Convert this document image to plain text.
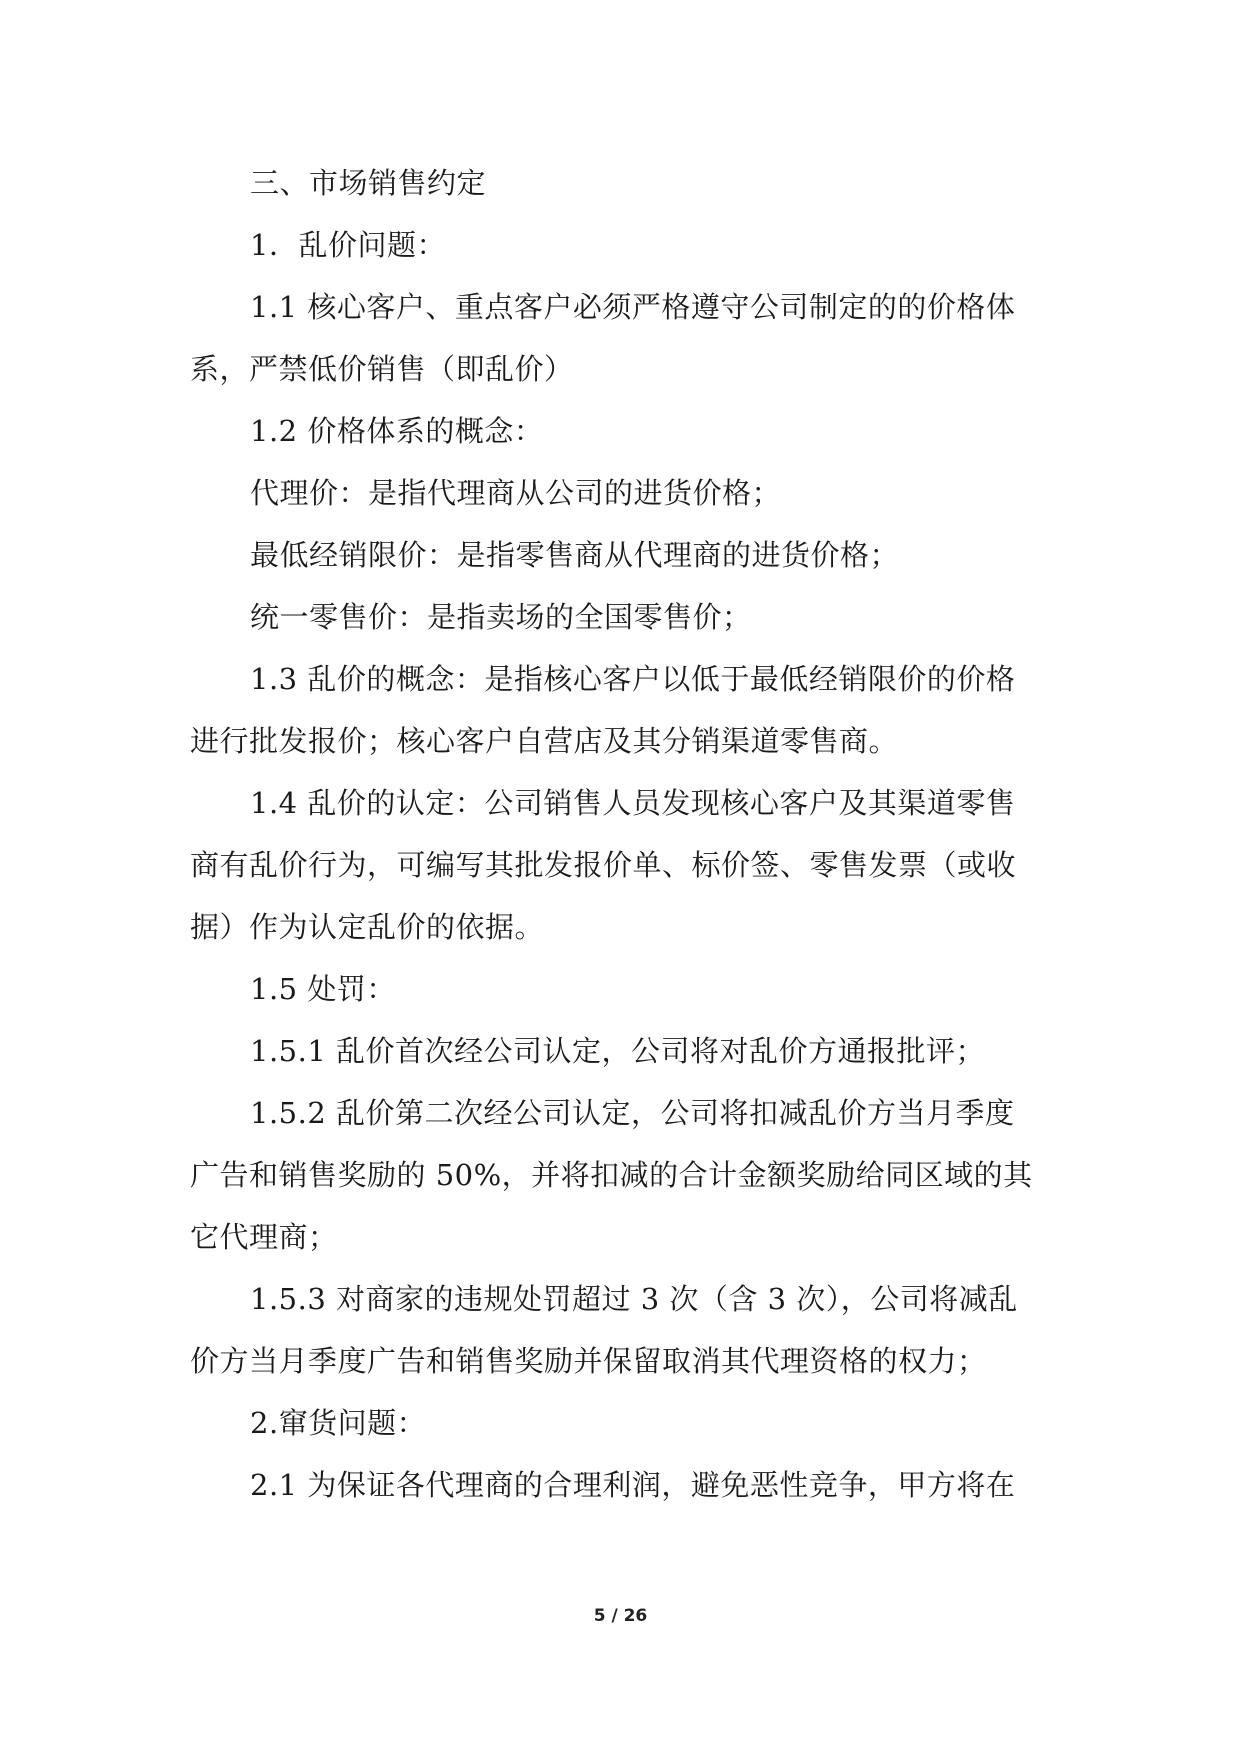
三、市场销售约定
1．乱价问题：
1.1 核心客户、重点客户必须严格遵守公司制定的的价格体
系，严禁低价销售（即乱价）
1.2 价格体系的概念：
代理价：是指代理商从公司的进货价格；
最低经销限价：是指零售商从代理商的进货价格；
统一零售价：是指卖场的全国零售价；
1.3 乱价的概念：是指核心客户以低于最低经销限价的价格
进行批发报价；核心客户自营店及其分销渠道零售商。
1.4 乱价的认定：公司销售人员发现核心客户及其渠道零售
商有乱价行为，可编写其批发报价单、标价签、零售发票（或收
据）作为认定乱价的依据。
1.5 处罚：
1.5.1 乱价首次经公司认定，公司将对乱价方通报批评；
1.5.2 乱价第二次经公司认定，公司将扣减乱价方当月季度
广告和销售奖励的 50%，并将扣减的合计金额奖励给同区域的其
它代理商；
1.5.3 对商家的违规处罚超过 3 次（含 3 次），公司将减乱
价方当月季度广告和销售奖励并保留取消其代理资格的权力；
2.窜货问题：
2.1 为保证各代理商的合理利润，避免恶性竞争，甲方将在
5 / 26
